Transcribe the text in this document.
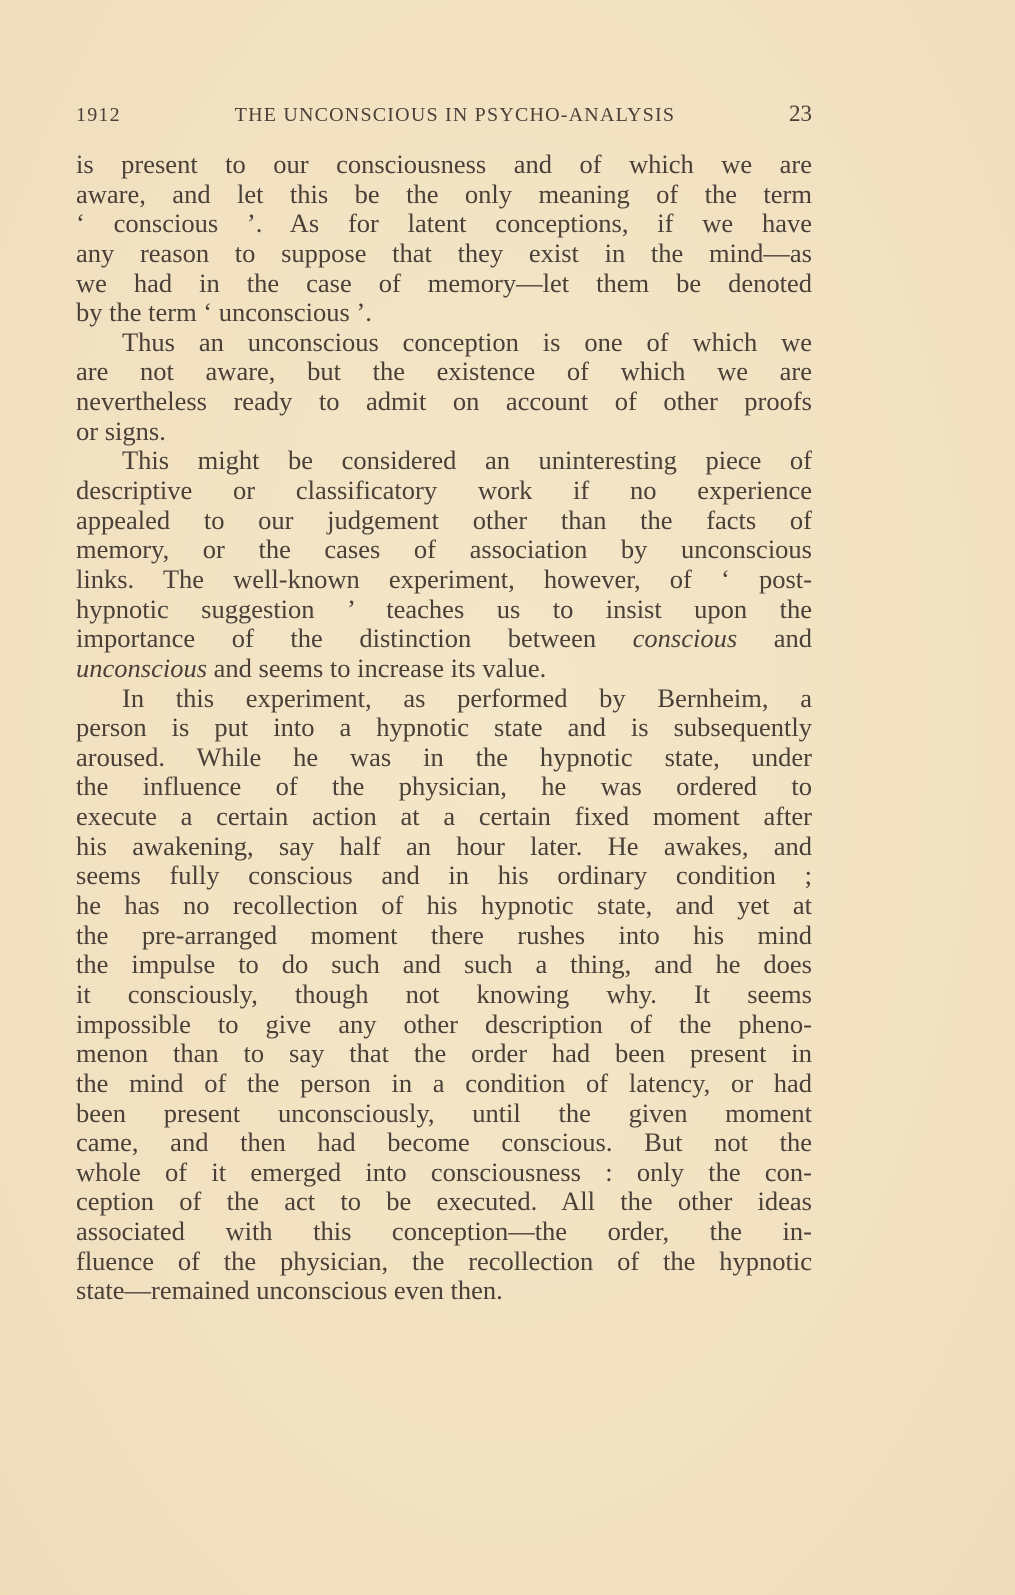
1912	THE UNCONSCIOUS IN PSYCHO-ANALYSIS	23
is present to our consciousness and of which we are
aware, and let this be the only meaning of the term
‘ conscious ’. As for latent conceptions, if we have
any reason to suppose that they exist in the mind—as
we had in the case of memory—let them be denoted
by the term ‘ unconscious ’.
Thus an unconscious conception is one of which we
are not aware, but the existence of which we are
nevertheless ready to admit on account of other proofs
or signs.
This might be considered an uninteresting piece of
descriptive or classificatory work if no experience
appealed to our judgement other than the facts of
memory, or the cases of association by unconscious
links. The well-known experiment, however, of ‘ post-
hypnotic suggestion ’ teaches us to insist upon the
importance of the distinction between conscious and
unconscious and seems to increase its value.
In this experiment, as performed by Bernheim, a
person is put into a hypnotic state and is subsequently
aroused. While he was in the hypnotic state, under
the influence of the physician, he was ordered to
execute a certain action at a certain fixed moment after
his awakening, say half an hour later. He awakes, and
seems fully conscious and in his ordinary condition ;
he has no recollection of his hypnotic state, and yet at
the pre-arranged moment there rushes into his mind
the impulse to do such and such a thing, and he does
it consciously, though not knowing why. It seems
impossible to give any other description of the pheno-
menon than to say that the order had been present in
the mind of the person in a condition of latency, or had
been present unconsciously, until the given moment
came, and then had become conscious. But not the
whole of it emerged into consciousness : only the con-
ception of the act to be executed. All the other ideas
associated with this conception—the order, the in-
fluence of the physician, the recollection of the hypnotic
state—remained unconscious even then.
